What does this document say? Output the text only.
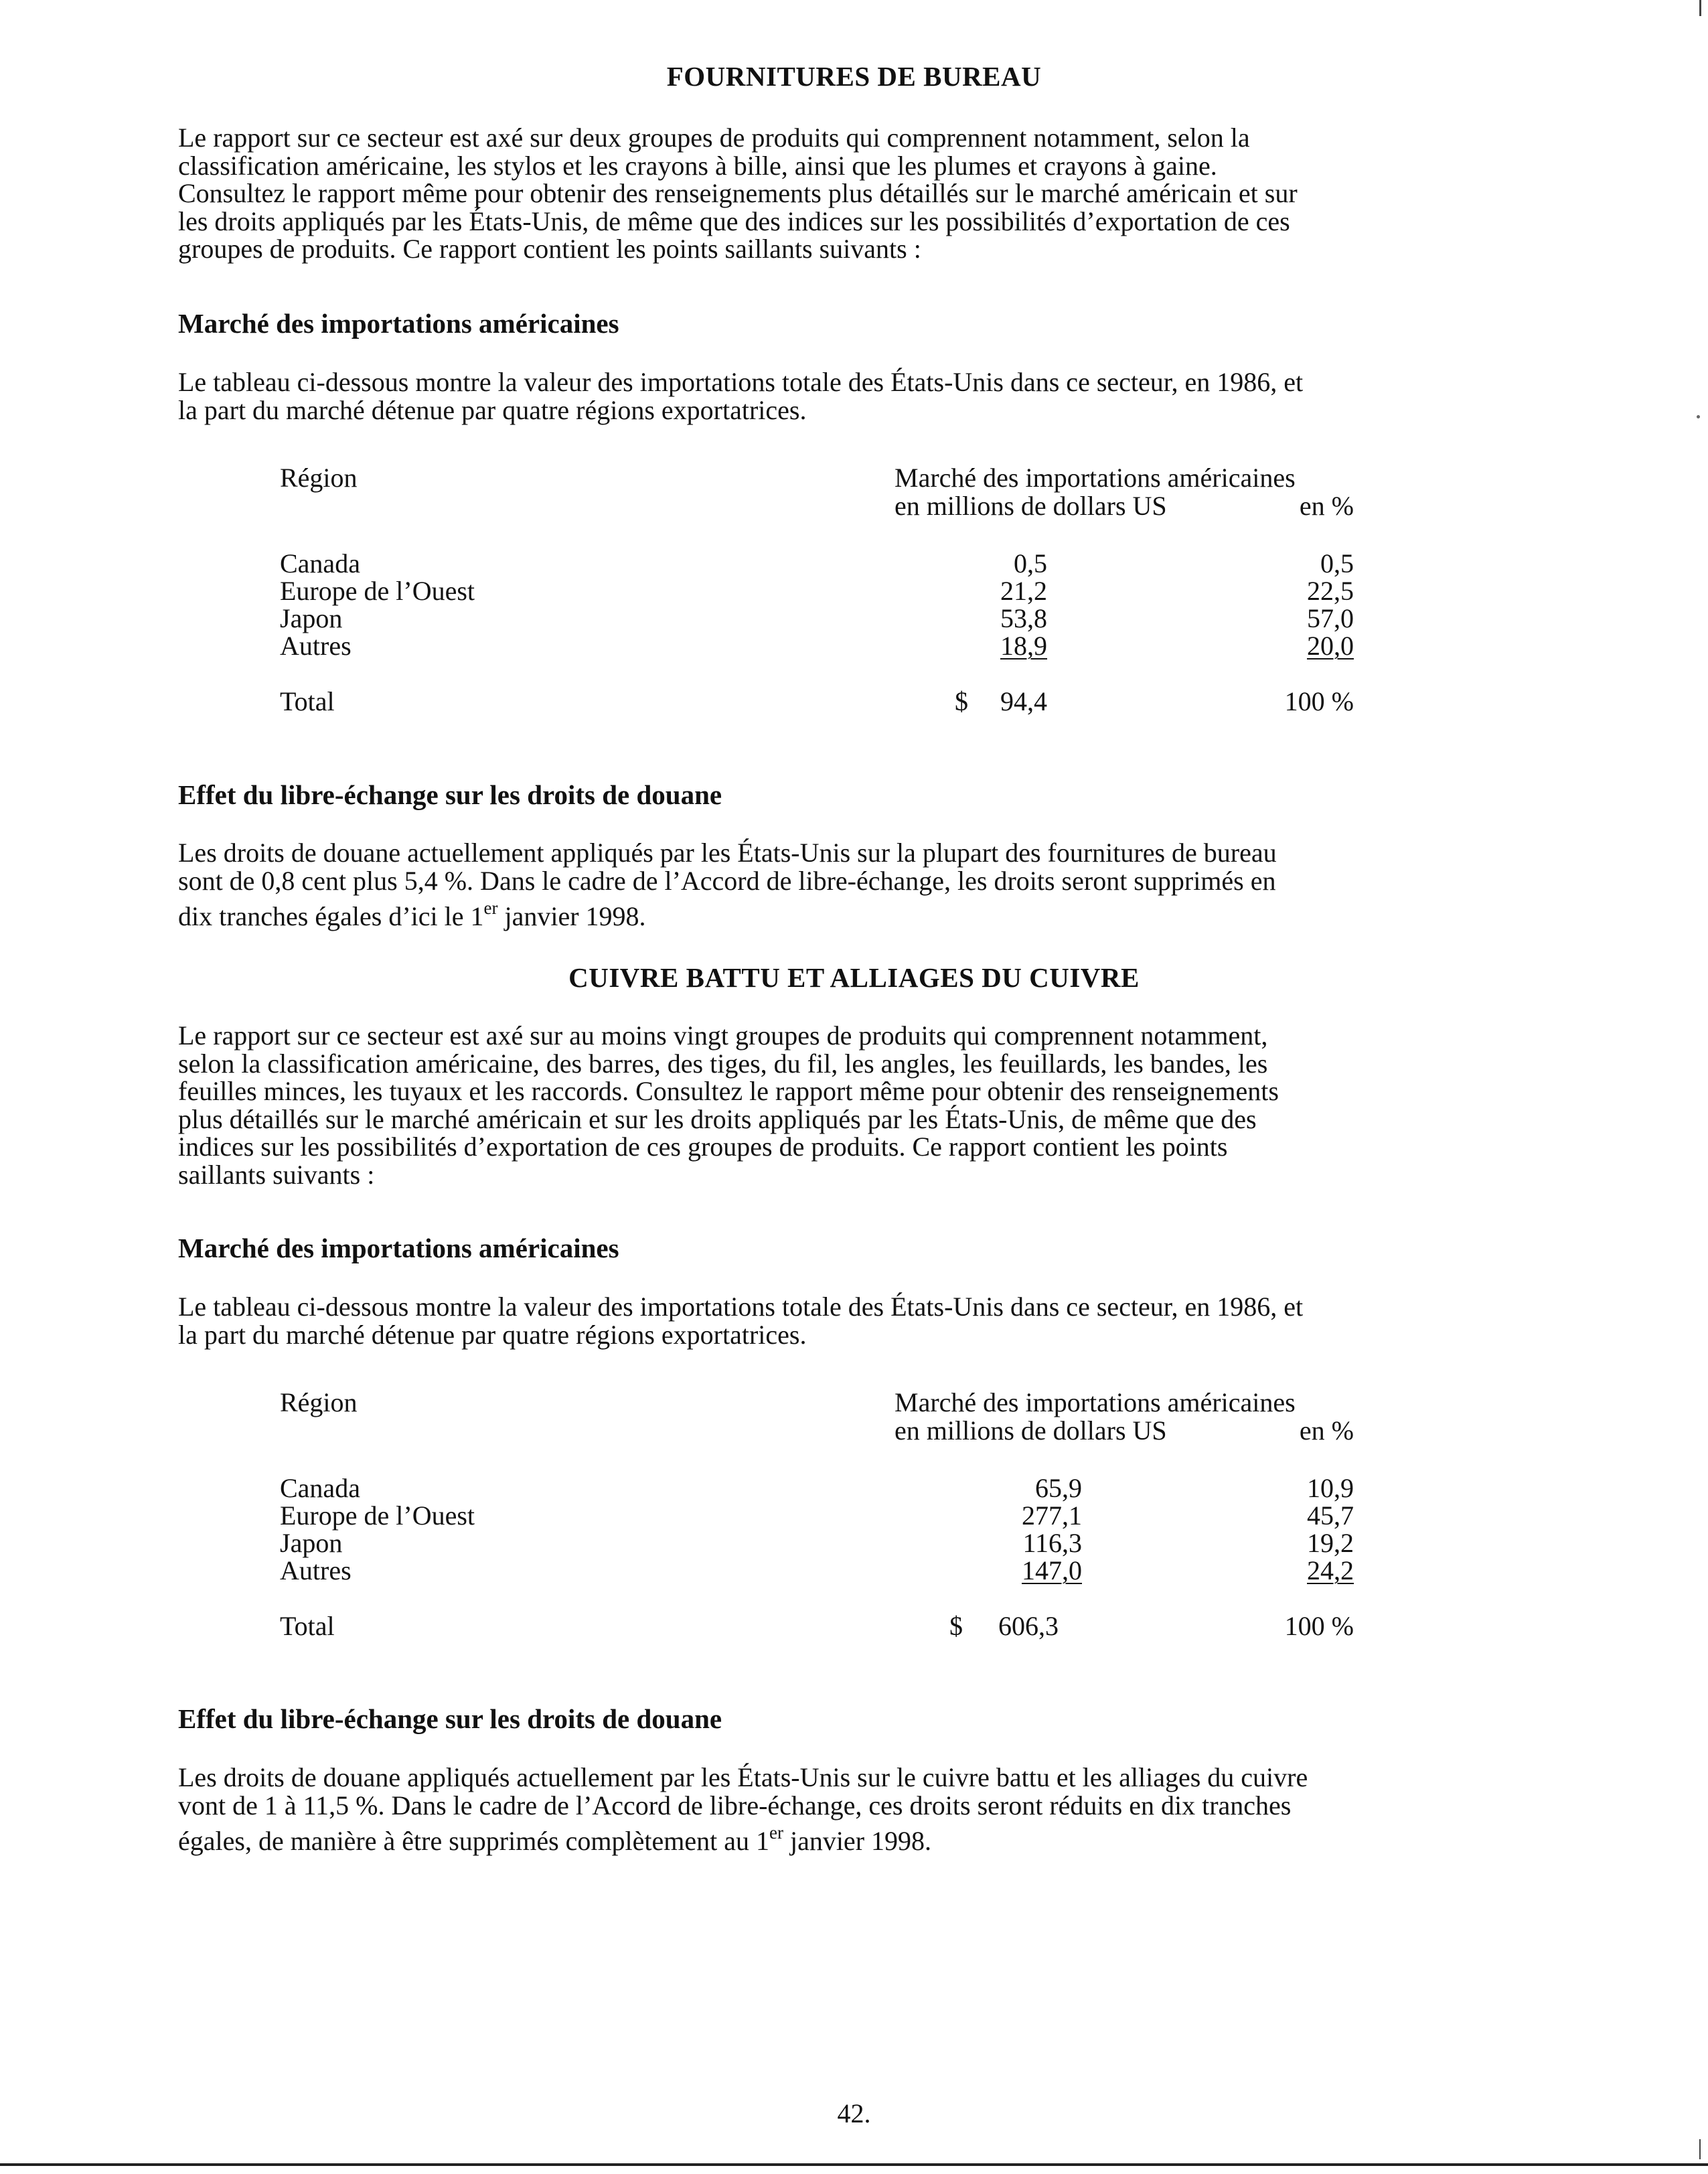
FOURNITURES DE BUREAU
Le rapport sur ce secteur est axé sur deux groupes de produits qui comprennent notamment, selon la
classification américaine, les stylos et les crayons à bille, ainsi que les plumes et crayons à gaine.
Consultez le rapport même pour obtenir des renseignements plus détaillés sur le marché américain et sur
les droits appliqués par les États-Unis, de même que des indices sur les possibilités d’exportation de ces
groupes de produits. Ce rapport contient les points saillants suivants :
Marché des importations américaines
Le tableau ci-dessous montre la valeur des importations totale des États-Unis dans ce secteur, en 1986, et
la part du marché détenue par quatre régions exportatrices.
Région	Marché des importations américaines
en millions de dollars US	en %
Canada	0,5	0,5
Europe de l’Ouest	21,2	22,5
Japon	53,8	57,0
Autres	18,9	20,0
Total	$ 94,4	100 %
Effet du libre-échange sur les droits de douane
Les droits de douane actuellement appliqués par les États-Unis sur la plupart des fournitures de bureau
sont de 0,8 cent plus 5,4 %. Dans le cadre de l’Accord de libre-échange, les droits seront supprimés en
dix tranches égales d’ici le 1er janvier 1998.
CUIVRE BATTU ET ALLIAGES DU CUIVRE
Le rapport sur ce secteur est axé sur au moins vingt groupes de produits qui comprennent notamment,
selon la classification américaine, des barres, des tiges, du fil, les angles, les feuillards, les bandes, les
feuilles minces, les tuyaux et les raccords. Consultez le rapport même pour obtenir des renseignements
plus détaillés sur le marché américain et sur les droits appliqués par les États-Unis, de même que des
indices sur les possibilités d’exportation de ces groupes de produits. Ce rapport contient les points
saillants suivants :
Marché des importations américaines
Le tableau ci-dessous montre la valeur des importations totale des États-Unis dans ce secteur, en 1986, et
la part du marché détenue par quatre régions exportatrices.
Région	Marché des importations américaines
en millions de dollars US	en %
Canada	65,9	10,9
Europe de l’Ouest	277,1	45,7
Japon	116,3	19,2
Autres	147,0	24,2
Total	$ 606,3	100 %
Effet du libre-échange sur les droits de douane
Les droits de douane appliqués actuellement par les États-Unis sur le cuivre battu et les alliages du cuivre
vont de 1 à 11,5 %. Dans le cadre de l’Accord de libre-échange, ces droits seront réduits en dix tranches
égales, de manière à être supprimés complètement au 1er janvier 1998.
42.
